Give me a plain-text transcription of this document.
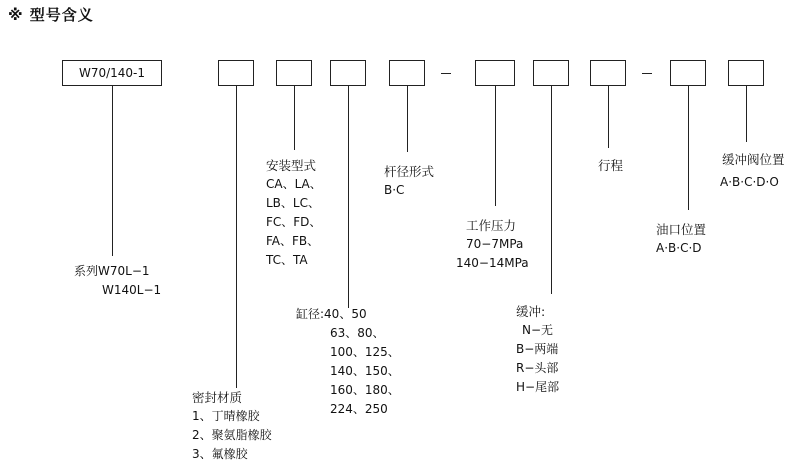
※ 型号含义
W70/140-1
系列W70L−1
W140L−1
密封材质
1、丁晴橡胶
2、聚氨脂橡胶
3、氟橡胶
安装型式
CA、LA、
LB、LC、
FC、FD、
FA、FB、
TC、TA
缸径:40、50
63、80、
100、125、
140、150、
160、180、
224、250
杆径形式
B·C
工作压力
70−7MPa
140−14MPa
缓冲:
N−无
B−两端
R−头部
H−尾部
行程
油口位置
A·B·C·D
缓冲阀位置
A·B·C·D·O
